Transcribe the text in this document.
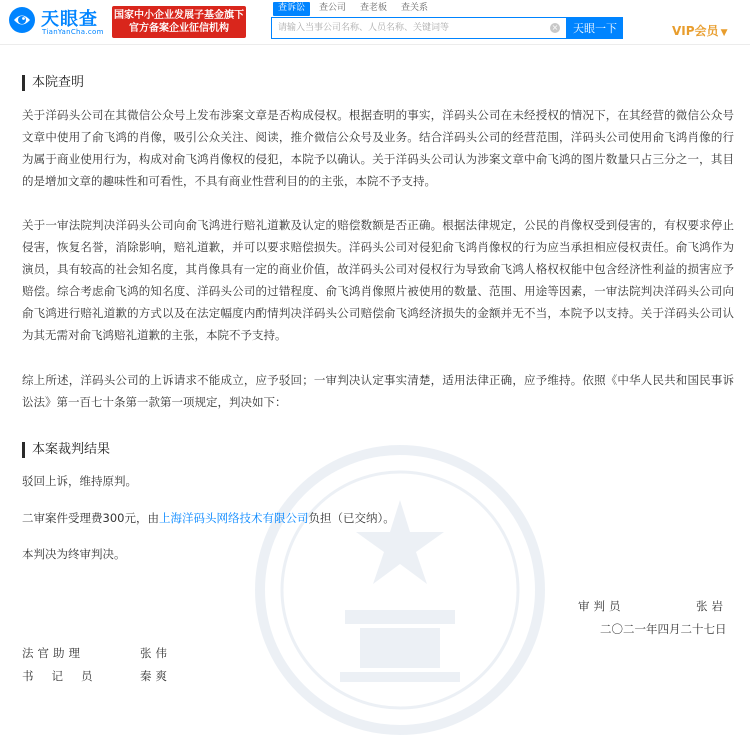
天眼查
TianYanCha.com
国家中小企业发展子基金旗下
官方备案企业征信机构
查诉讼	查公司	查老板	查关系
请输入当事公司名称、人员名称、关键词等
×	天眼一下	VIP会员 ▼
本院查明

关于洋码头公司在其微信公众号上发布涉案文章是否构成侵权。根据查明的事实，洋码头公司在未经授权的情况下，在其经营的微信公众号文章中使用了俞飞鸿的肖像，吸引公众关注、阅读，推介微信公众号及业务。结合洋码头公司的经营范围，洋码头公司使用俞飞鸿肖像的行为属于商业使用行为，构成对俞飞鸿肖像权的侵犯，本院予以确认。关于洋码头公司认为涉案文章中俞飞鸿的图片数量只占三分之一，其目的是增加文章的趣味性和可看性，不具有商业性营利目的的主张，本院不予支持。

关于一审法院判决洋码头公司向俞飞鸿进行赔礼道歉及认定的赔偿数额是否正确。根据法律规定，公民的肖像权受到侵害的，有权要求停止侵害，恢复名誉，消除影响，赔礼道歉，并可以要求赔偿损失。洋码头公司对侵犯俞飞鸿肖像权的行为应当承担相应侵权责任。俞飞鸿作为演员，具有较高的社会知名度，其肖像具有一定的商业价值，故洋码头公司对侵权行为导致俞飞鸿人格权权能中包含经济性利益的损害应予赔偿。综合考虑俞飞鸿的知名度、洋码头公司的过错程度、俞飞鸿肖像照片被使用的数量、范围、用途等因素，一审法院判决洋码头公司向俞飞鸿进行赔礼道歉的方式以及在法定幅度内酌情判决洋码头公司赔偿俞飞鸿经济损失的金额并无不当，本院予以支持。关于洋码头公司认为其无需对俞飞鸿赔礼道歉的主张，本院不予支持。

综上所述，洋码头公司的上诉请求不能成立，应予驳回；一审判决认定事实清楚，适用法律正确，应予维持。依照《中华人民共和国民事诉讼法》第一百七十条第一款第一项规定，判决如下：

本案裁判结果

驳回上诉，维持原判。

二审案件受理费300元，由上海洋码头网络技术有限公司负担（已交纳）。

本判决为终审判决。

审判员	张岩

二〇二一年四月二十七日

法官助理	张伟

书记员	秦爽
